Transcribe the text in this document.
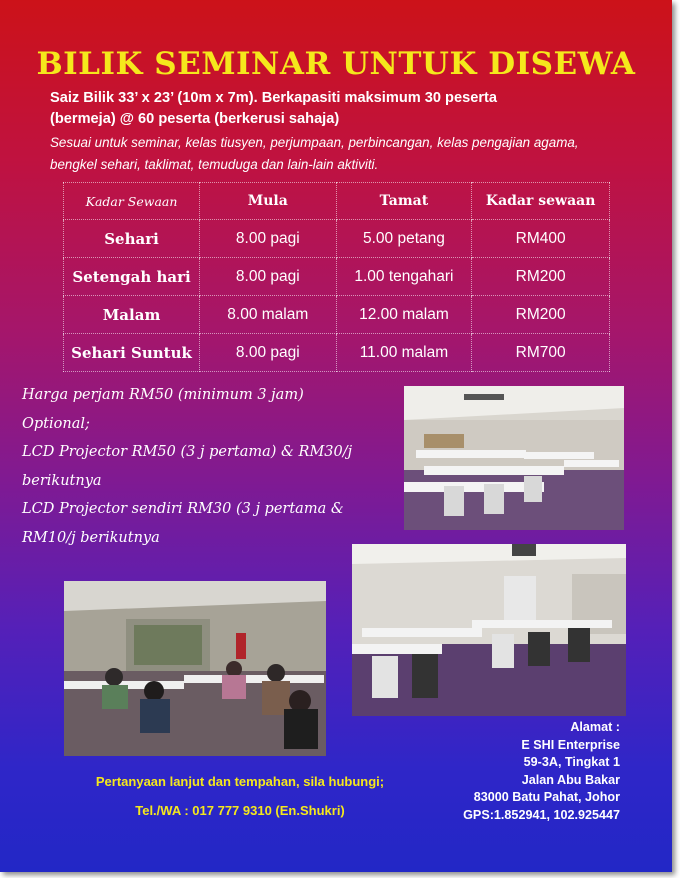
BILIK SEMINAR UNTUK DISEWA
Saiz Bilik 33’ x 23’ (10m x 7m). Berkapasiti maksimum 30 peserta
(bermeja) @ 60 peserta (berkerusi sahaja)
Sesuai untuk seminar, kelas tiusyen, perjumpaan, perbincangan, kelas pengajian agama,
bengkel sehari, taklimat, temuduga dan lain-lain aktiviti.
Kadar Sewaan	Mula	Tamat	Kadar sewaan
Sehari	8.00 pagi	5.00 petang	RM400
Setengah hari	8.00 pagi	1.00 tengahari	RM200
Malam	8.00 malam	12.00 malam	RM200
Sehari Suntuk	8.00 pagi	11.00 malam	RM700
Harga perjam RM50 (minimum 3 jam)
Optional;
LCD Projector RM50 (3 j pertama) & RM30/j
berikutnya
LCD Projector sendiri RM30 (3 j pertama &
RM10/j berikutnya
Pertanyaan lanjut dan tempahan, sila hubungi;
Tel./WA : 017 777 9310 (En.Shukri)
Alamat :
E SHI Enterprise
59-3A, Tingkat 1
Jalan Abu Bakar
83000 Batu Pahat, Johor
GPS:1.852941, 102.925447
